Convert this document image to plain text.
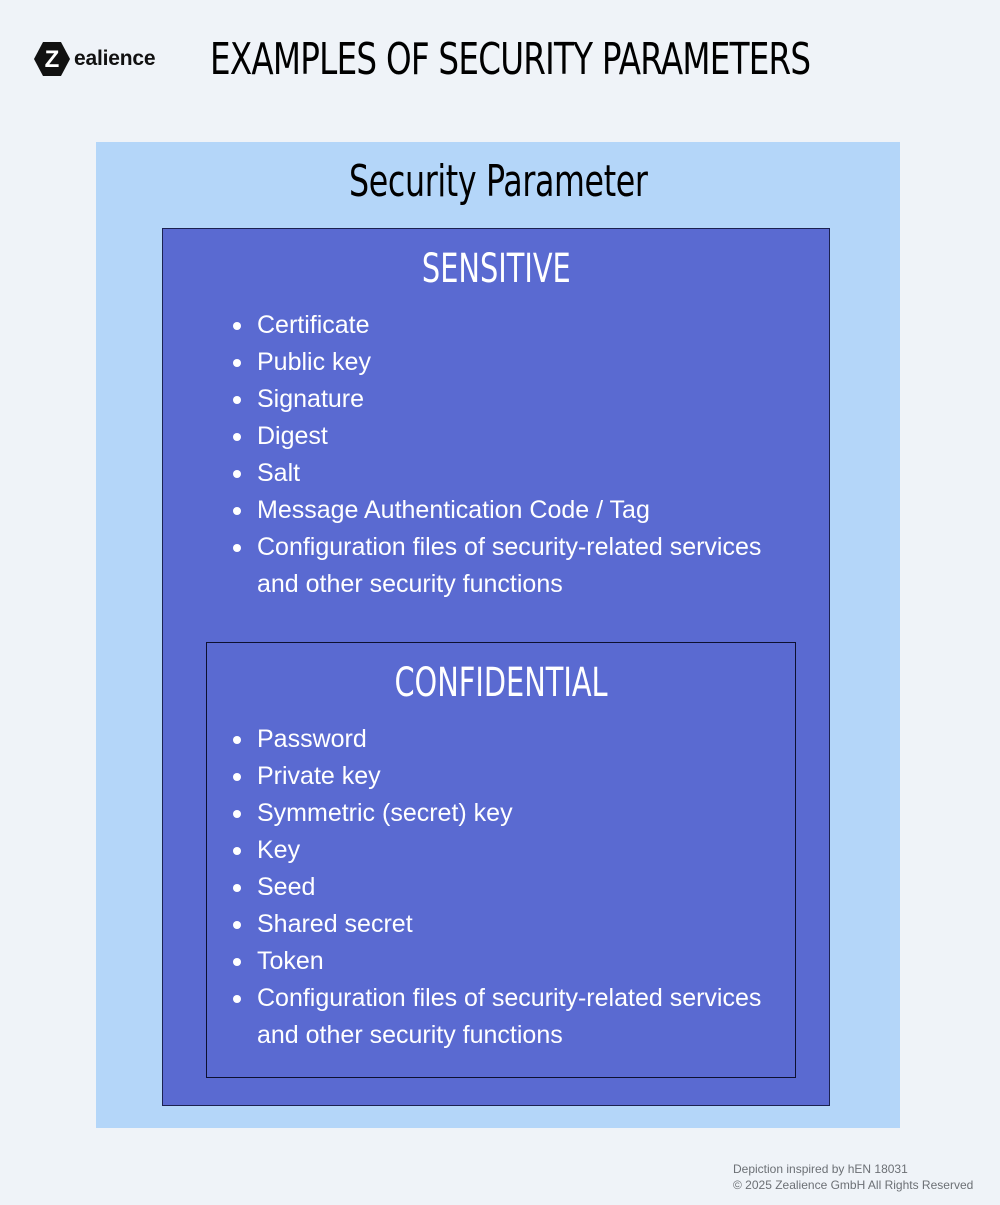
Z ealience EXAMPLES OF SECURITY PARAMETERS
Security Parameter
SENSITIVE
Certificate
Public key
Signature
Digest
Salt
Message Authentication Code / Tag
Configuration files of security-related services and other security functions
CONFIDENTIAL
Password
Private key
Symmetric (secret) key
Key
Seed
Shared secret
Token
Configuration files of security-related services and other security functions
Depiction inspired by hEN 18031
© 2025 Zealience GmbH All Rights Reserved
